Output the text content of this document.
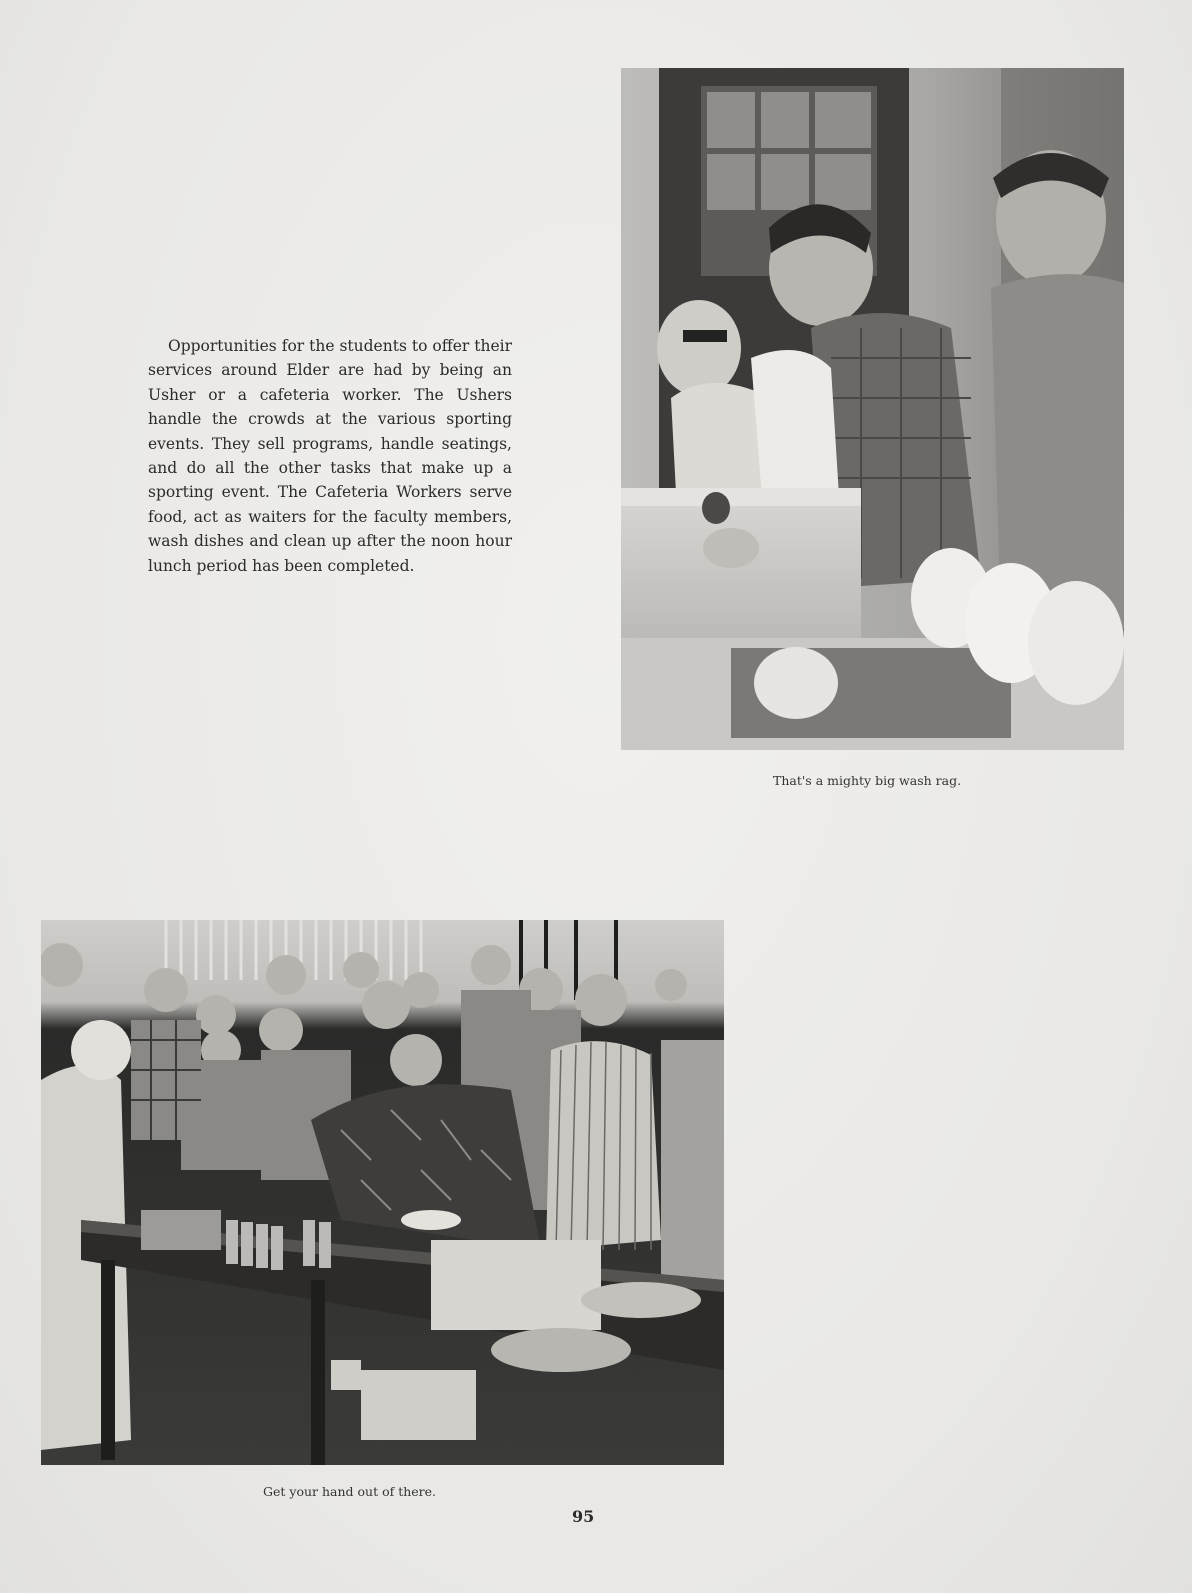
Opportunities for the students to offer their services around Elder are had by being an Usher or a cafeteria worker. The Ushers handle the crowds at the various sporting events. They sell programs, handle seatings, and do all the other tasks that make up a sporting event. The Cafeteria Workers serve food, act as waiters for the faculty members, wash dishes and clean up after the noon hour lunch period has been completed.

That's a mighty big wash rag.
Get your hand out of there.
95
